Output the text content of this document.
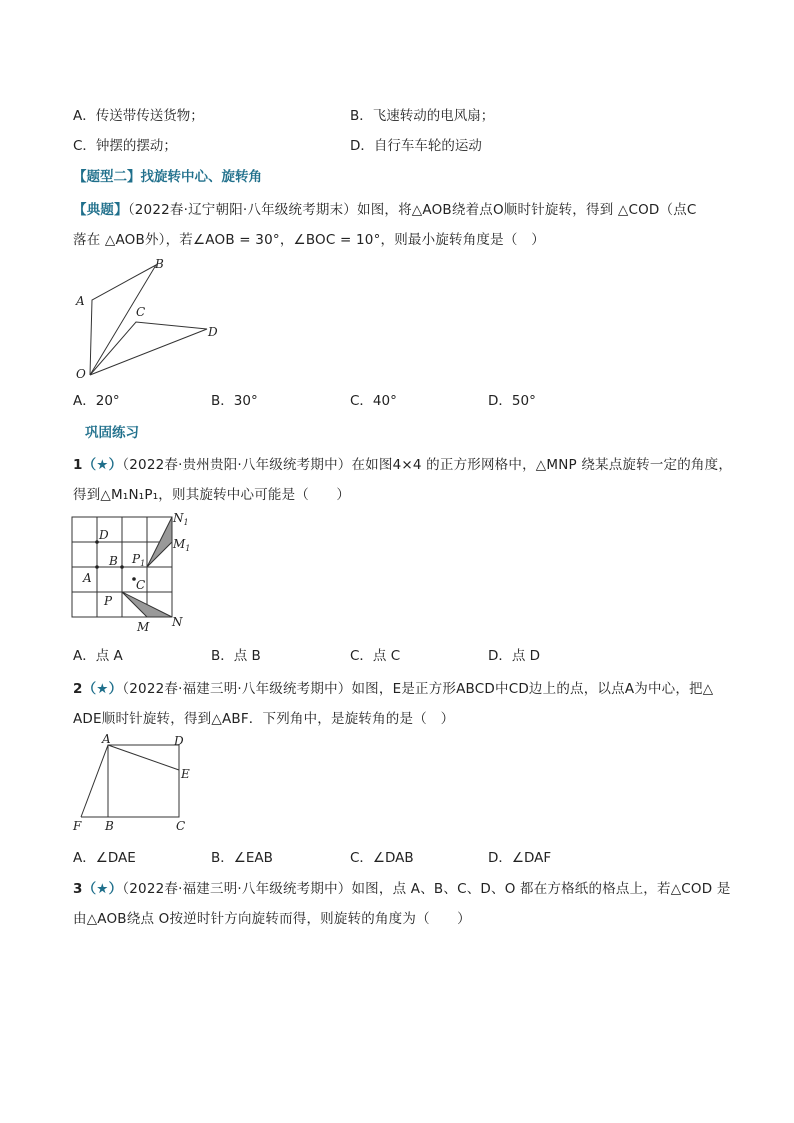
A．传送带传送货物；	B．飞速转动的电风扇；
C．钟摆的摆动；	D．自行车车轮的运动
【题型二】找旋转中心、旋转角
【典题】（2022春·辽宁朝阳·八年级统考期末）如图，将△AOB绕着点O顺时针旋转，得到 △COD（点C
落在 △AOB外），若∠AOB = 30°，∠BOC = 10°，则最小旋转角度是（　）
A
B
C
D
O
A．20°	B．30°	C．40°	D．50°
巩固练习
1（★）（2022春·贵州贵阳·八年级统考期中）在如图4×4 的正方形网格中，△MNP 绕某点旋转一定的角度，
得到△M₁N₁P₁，则其旋转中心可能是（　　）
D
B
A	C
P
M N
$P_1$
$M_1$
$N_1$
A．点 A	B．点 B	C．点 C	D．点 D
2（★）（2022春·福建三明·八年级统考期中）如图，E是正方形ABCD中CD边上的点，以点A为中心，把△
ADE顺时针旋转，得到△ABF．下列角中，是旋转角的是（　）
A	D
E
F B	C
A．∠DAE	B．∠EAB	C．∠DAB	D．∠DAF
3（★）（2022春·福建三明·八年级统考期中）如图，点 A、B、C、D、O 都在方格纸的格点上，若△COD 是
由△AOB绕点 O按逆时针方向旋转而得，则旋转的角度为（　　）
